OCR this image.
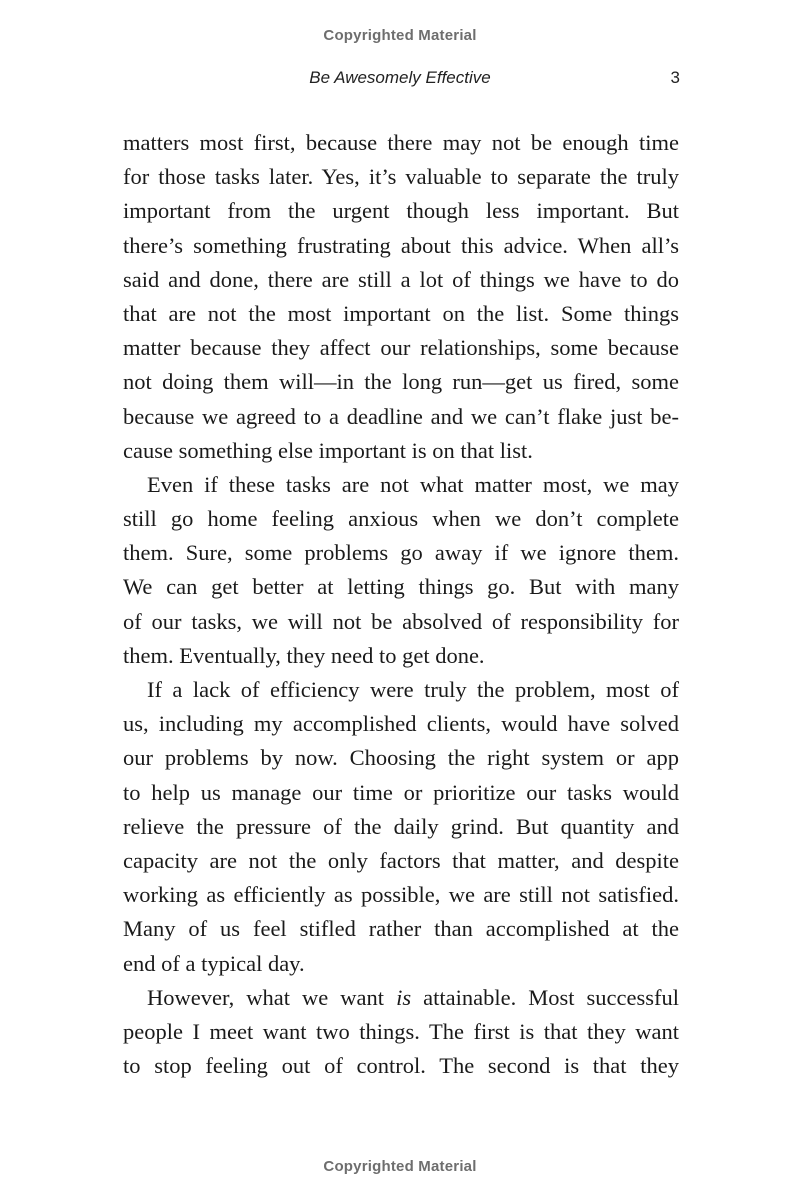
Copyrighted Material
Be Awesomely Effective	3
matters most first, because there may not be enough time
for those tasks later. Yes, it’s valuable to separate the truly
important from the urgent though less important. But
there’s something frustrating about this advice. When all’s
said and done, there are still a lot of things we have to do
that are not the most important on the list. Some things
matter because they affect our relationships, some because
not doing them will—in the long run—get us fired, some
because we agreed to a deadline and we can’t flake just be-
cause something else important is on that list.
Even if these tasks are not what matter most, we may
still go home feeling anxious when we don’t complete
them. Sure, some problems go away if we ignore them.
We can get better at letting things go. But with many
of our tasks, we will not be absolved of responsibility for
them. Eventually, they need to get done.
If a lack of efficiency were truly the problem, most of
us, including my accomplished clients, would have solved
our problems by now. Choosing the right system or app
to help us manage our time or prioritize our tasks would
relieve the pressure of the daily grind. But quantity and
capacity are not the only factors that matter, and despite
working as efficiently as possible, we are still not satisfied.
Many of us feel stifled rather than accomplished at the
end of a typical day.
However, what we want is attainable. Most successful
people I meet want two things. The first is that they want
to stop feeling out of control. The second is that they
Copyrighted Material
